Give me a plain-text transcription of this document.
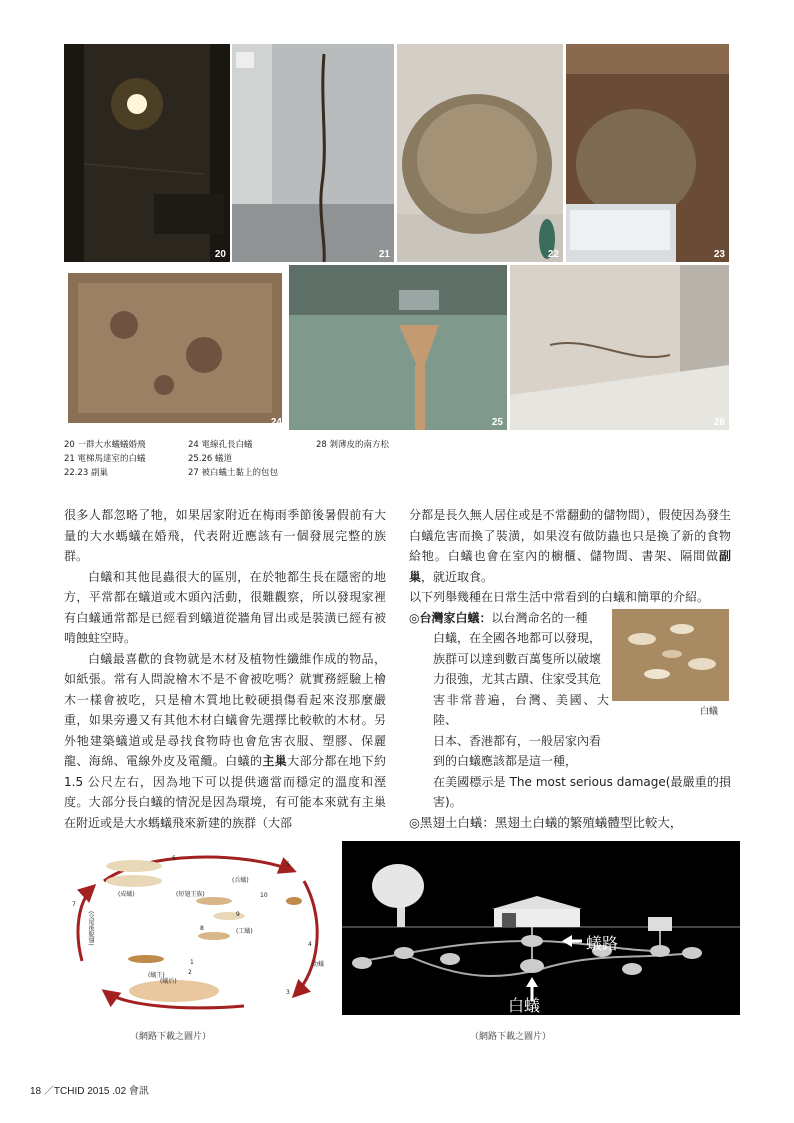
20	21	22	23
24	25	26
20 一群大水蟻蟻婚飛
21 電梯馬達室的白蟻
22.23 副巢
24 電線孔長白蟻
25.26 蟻道
27 被白蟻土黏上的包包
28 剝薄皮的南方松

很多人都忽略了牠，如果居家附近在梅雨季節後暑假前有大量的大水螞蟻在婚飛，代表附近應該有一個發展完整的族群。

白蟻和其他昆蟲很大的區別，在於牠都生長在隱密的地方，平常都在蟻道或木頭內活動，很難觀察，所以發現家裡有白蟻通常都是已經看到蟻道從牆角冒出或是裝潢已經有被啃蝕蛀空時。

白蟻最喜歡的食物就是木材及植物性纖維作成的物品，如紙張。常有人問說檜木不是不會被吃嗎？就實務經驗上檜木一樣會被吃，只是檜木質地比較硬損傷看起來沒那麼嚴重，如果旁邊又有其他木材白蟻會先選擇比較軟的木材。另外牠建築蟻道或是尋找食物時也會危害衣服、塑膠、保麗龍、海綿、電線外皮及電纜。白蟻的主巢大部分都在地下約 1.5 公尺左右，因為地下可以提供適當而穩定的溫度和溼度。大部分長白蟻的情況是因為環境，有可能本來就有主巢在附近或是大水螞蟻飛來新建的族群（大部

分都是長久無人居住或是不常翻動的儲物間），假使因為發生白蟻危害而換了裝潢，如果沒有做防蟲也只是換了新的食物給牠。白蟻也會在室內的櫥櫃、儲物間、書架、隔間做副巢，就近取食。

以下列舉幾種在日常生活中常看到的白蟻和簡單的介紹。

◎台灣家白蟻：以台灣命名的一種
白蟻，在全國各地都可以發現，
族群可以達到數百萬隻所以破壞
力很強，尤其古蹟、住家受其危
害非常普遍，台灣、美國、大陸、
日本、香港都有，一般居家內看
到的白蟻應該都是這一種，

在美國標示是 The most serious damage(最嚴重的損害)。

◎黑翅土白蟻：黑翅土白蟻的繁殖蟻體型比較大，

白蟻
(成蟻)	(短翅王族)
(兵蟻)
(工蟻)
(蟻王)
(蟻后)
(交尾後脫翅)
幼蟻
1
2
3
4
5
6
7
8
9
10
（網路下載之圖片）
蟻路
白蟻
（網路下載之圖片）
18 ／TCHID 2015 .02 會訊
